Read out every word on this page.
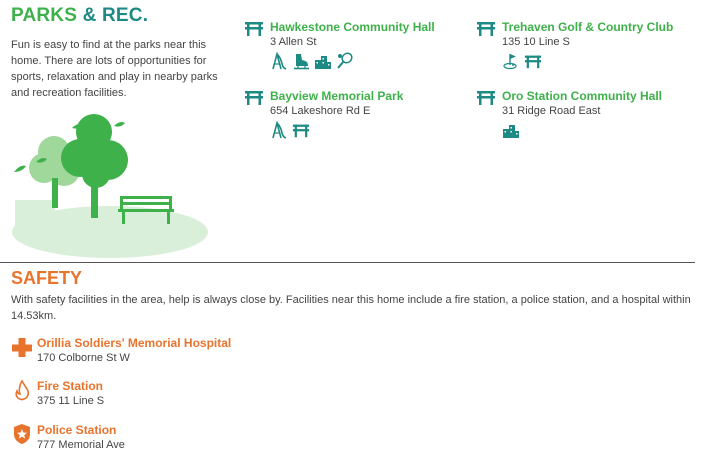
PARKS & REC.

Fun is easy to find at the parks near this home. There are lots of opportunities for sports, relaxation and play in nearby parks and recreation facilities.

Hawkestone Community Hall
3 Allen St
Trehaven Golf & Country Club
135 10 Line S
Bayview Memorial Park
654 Lakeshore Rd E
Oro Station Community Hall
31 Ridge Road East
SAFETY

With safety facilities in the area, help is always close by. Facilities near this home include a fire station, a police station, and a hospital within 14.53km.

Orillia Soldiers' Memorial Hospital
170 Colborne St W
Fire Station
375 11 Line S
Police Station
777 Memorial Ave
